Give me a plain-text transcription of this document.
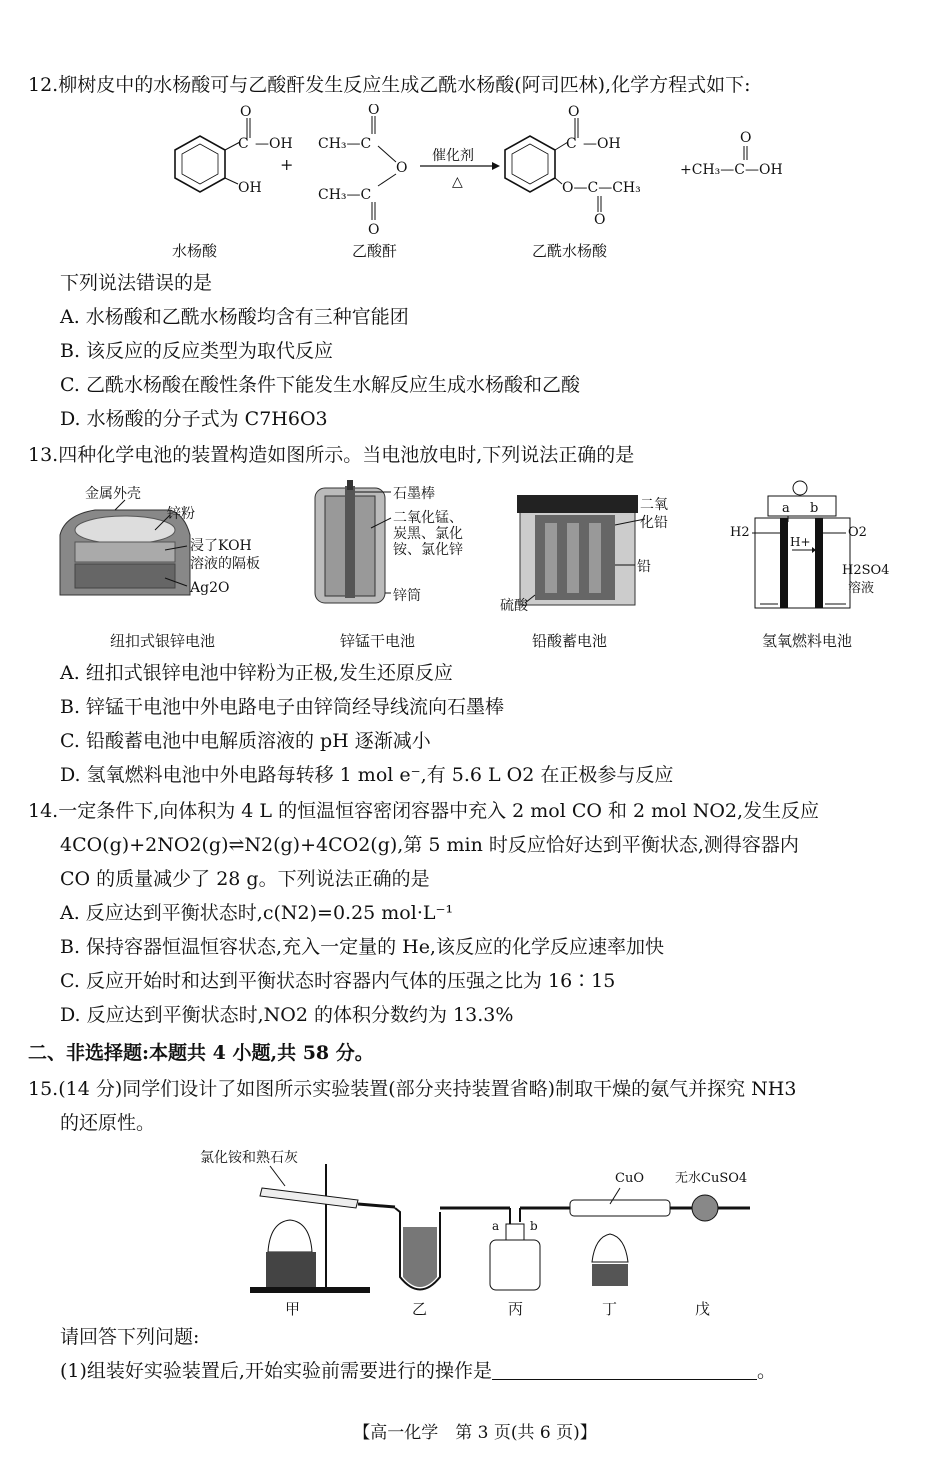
12.柳树皮中的水杨酸可与乙酸酐发生反应生成乙酰水杨酸(阿司匹林),化学方程式如下:
C
O
—OH
OH
+
CH₃—C
O
O
CH₃—C
O
催化剂
△
C
O
—OH
O—C—CH₃
O
+CH₃—C—OH
O
水杨酸	乙酸酐	乙酰水杨酸
下列说法错误的是
A. 水杨酸和乙酰水杨酸均含有三种官能团
B. 该反应的反应类型为取代反应
C. 乙酰水杨酸在酸性条件下能发生水解反应生成水杨酸和乙酸
D. 水杨酸的分子式为 C7H6O3
13.四种化学电池的装置构造如图所示。当电池放电时,下列说法正确的是
金属外壳
锌粉
浸了KOH
溶液的隔板
Ag2O
纽扣式银锌电池
石墨棒
二氧化锰、
炭黑、氯化
铵、氯化锌
锌筒
锌锰干电池
二氧
化铅
铅
硫酸
铅酸蓄电池
a b
H+
H2	O2
H2SO4
溶液
氢氧燃料电池
A. 纽扣式银锌电池中锌粉为正极,发生还原反应
B. 锌锰干电池中外电路电子由锌筒经导线流向石墨棒
C. 铅酸蓄电池中电解质溶液的 pH 逐渐减小
D. 氢氧燃料电池中外电路每转移 1 mol e⁻,有 5.6 L O2 在正极参与反应
14.一定条件下,向体积为 4 L 的恒温恒容密闭容器中充入 2 mol CO 和 2 mol NO2,发生反应
4CO(g)+2NO2(g)⇌N2(g)+4CO2(g),第 5 min 时反应恰好达到平衡状态,测得容器内
CO 的质量减少了 28 g。下列说法正确的是
A. 反应达到平衡状态时,c(N2)=0.25 mol·L⁻¹
B. 保持容器恒温恒容状态,充入一定量的 He,该反应的化学反应速率加快
C. 反应开始时和达到平衡状态时容器内气体的压强之比为 16∶15
D. 反应达到平衡状态时,NO2 的体积分数约为 13.3%
二、非选择题:本题共 4 小题,共 58 分。
15.(14 分)同学们设计了如图所示实验装置(部分夹持装置省略)制取干燥的氨气并探究 NH3
的还原性。
氯化铵和熟石灰
a	b
CuO 无水CuSO4
甲	乙	丙	丁	戊
请回答下列问题:
(1)组装好实验装置后,开始实验前需要进行的操作是	。
【高一化学　第 3 页(共 6 页)】
